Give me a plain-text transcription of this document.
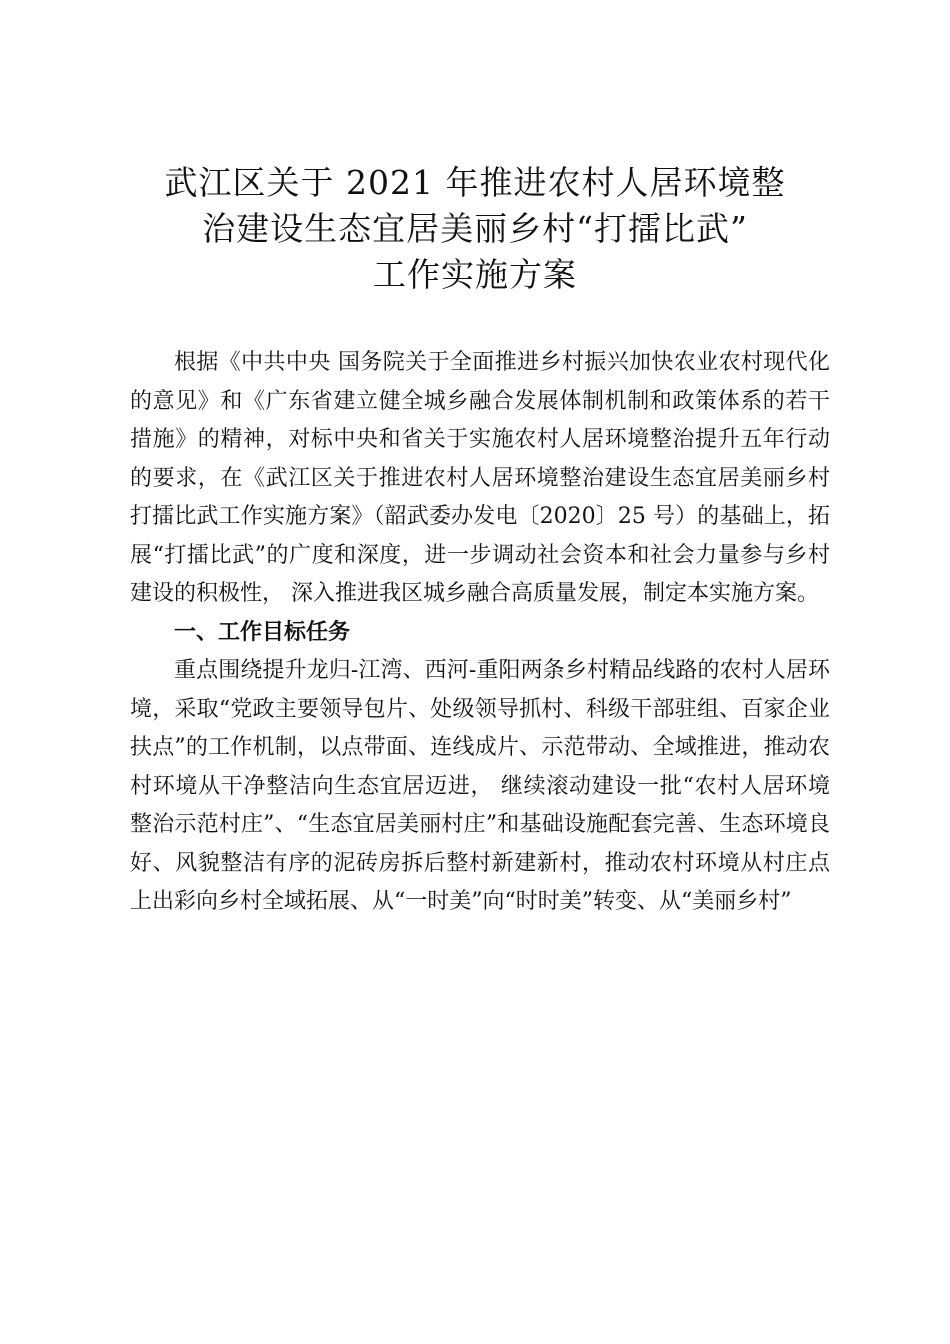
武江区关于 2021 年推进农村人居环境整
治建设生态宜居美丽乡村“打擂比武”
工作实施方案

根据《中共中央 国务院关于全面推进乡村振兴加快农业农村现代化的意见》和《广东省建立健全城乡融合发展体制机制和政策体系的若干措施》的精神，对标中央和省关于实施农村人居环境整治提升五年行动的要求，在《武江区关于推进农村人居环境整治建设生态宜居美丽乡村打擂比武工作实施方案》（韶武委办发电〔2020〕25 号）的基础上，拓展“打擂比武”的广度和深度，进一步调动社会资本和社会力量参与乡村建设的积极性， 深入推进我区城乡融合高质量发展，制定本实施方案。

一、工作目标任务

重点围绕提升龙归-江湾、西河-重阳两条乡村精品线路的农村人居环境，采取“党政主要领导包片、处级领导抓村、科级干部驻组、百家企业扶点”的工作机制，以点带面、连线成片、示范带动、全域推进，推动农村环境从干净整洁向生态宜居迈进， 继续滚动建设一批“农村人居环境整治示范村庄”、“生态宜居美丽村庄”和基础设施配套完善、生态环境良好、风貌整洁有序的泥砖房拆后整村新建新村，推动农村环境从村庄点上出彩向乡村全域拓展、从“一时美”向“时时美”转变、从“美丽乡村”
